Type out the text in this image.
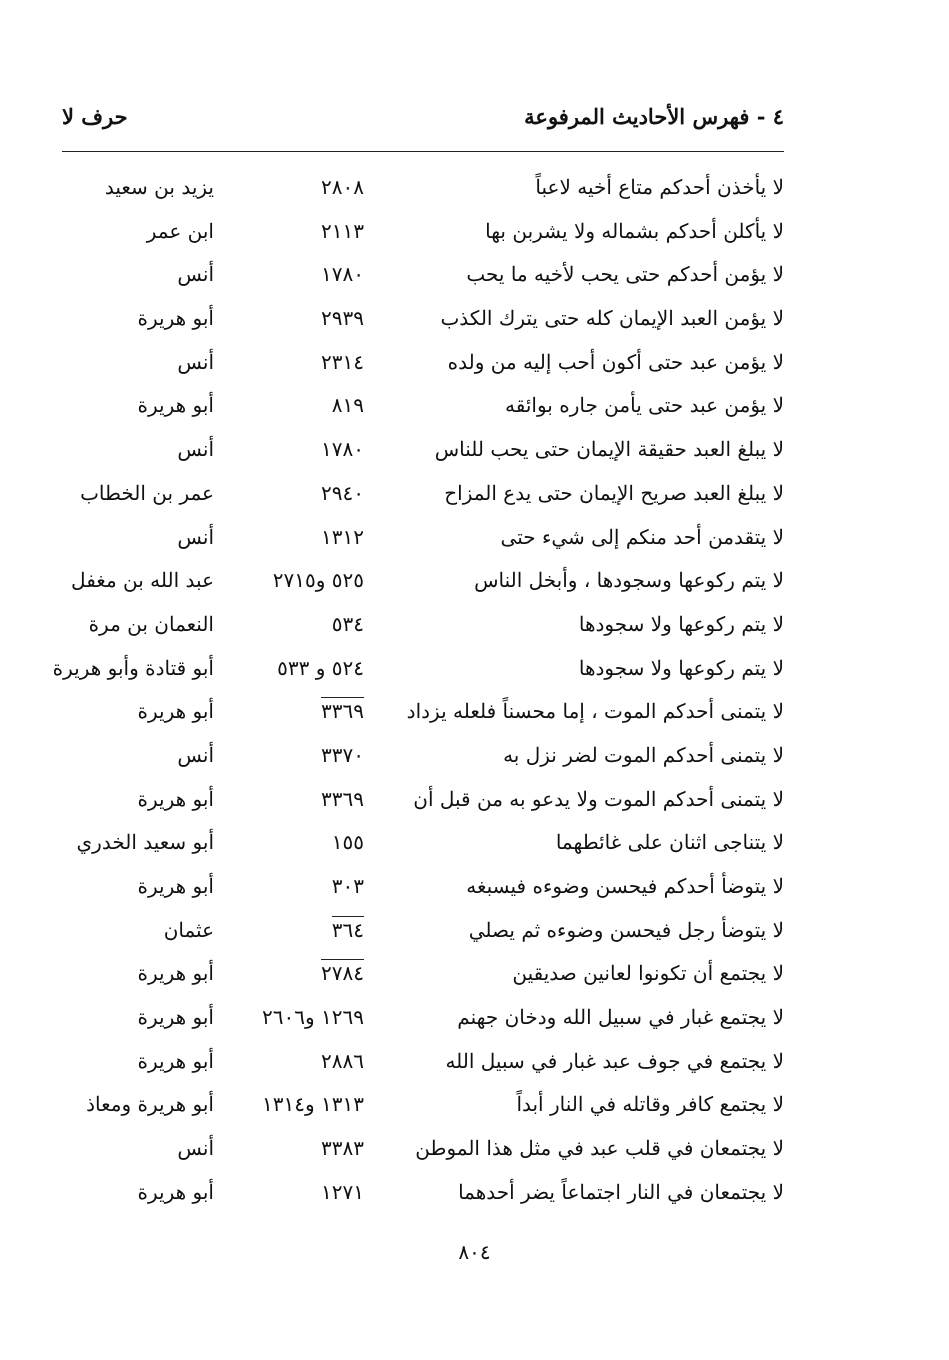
٤ - فهرس الأحاديث المرفوعة
حرف لا
لا يأخذن أحدكم متاع أخيه لاعباً
٢٨٠٨
يزيد بن سعيد
لا يأكلن أحدكم بشماله ولا يشربن بها
٢١١٣
ابن عمر
لا يؤمن أحدكم حتى يحب لأخيه ما يحب
١٧٨٠
أنس
لا يؤمن العبد الإيمان كله حتى يترك الكذب
٢٩٣٩
أبو هريرة
لا يؤمن عبد حتى أكون أحب إليه من ولده
٢٣١٤
أنس
لا يؤمن عبد حتى يأمن جاره بوائقه
٨١٩
أبو هريرة
لا يبلغ العبد حقيقة الإيمان حتى يحب للناس
١٧٨٠
أنس
لا يبلغ العبد صريح الإيمان حتى يدع المزاح
٢٩٤٠
عمر بن الخطاب
لا يتقدمن أحد منكم إلى شيء حتى
١٣١٢
أنس
لا يتم ركوعها وسجودها ، وأبخل الناس
٥٢٥ و٢٧١٥
عبد الله بن مغفل
لا يتم ركوعها ولا سجودها
٥٣٤
النعمان بن مرة
لا يتم ركوعها ولا سجودها
٥٢٤ و ٥٣٣
أبو قتادة وأبو هريرة
لا يتمنى أحدكم الموت ، إما محسناً فلعله يزداد
٣٣٦٩
أبو هريرة
لا يتمنى أحدكم الموت لضر نزل به
٣٣٧٠
أنس
لا يتمنى أحدكم الموت ولا يدعو به من قبل أن
٣٣٦٩
أبو هريرة
لا يتناجى اثنان على غائطهما
١٥٥
أبو سعيد الخدري
لا يتوضأ أحدكم فيحسن وضوءه فيسبغه
٣٠٣
أبو هريرة
لا يتوضأ رجل فيحسن وضوءه ثم يصلي
٣٦٤
عثمان
لا يجتمع أن تكونوا لعانين صديقين
٢٧٨٤
أبو هريرة
لا يجتمع غبار في سبيل الله ودخان جهنم
١٢٦٩ و٢٦٠٦
أبو هريرة
لا يجتمع في جوف عبد غبار في سبيل الله
٢٨٨٦
أبو هريرة
لا يجتمع كافر وقاتله في النار أبداً
١٣١٣ و١٣١٤
أبو هريرة ومعاذ
لا يجتمعان في قلب عبد في مثل هذا الموطن
٣٣٨٣
أنس
لا يجتمعان في النار اجتماعاً يضر أحدهما
١٢٧١
أبو هريرة
٨٠٤
